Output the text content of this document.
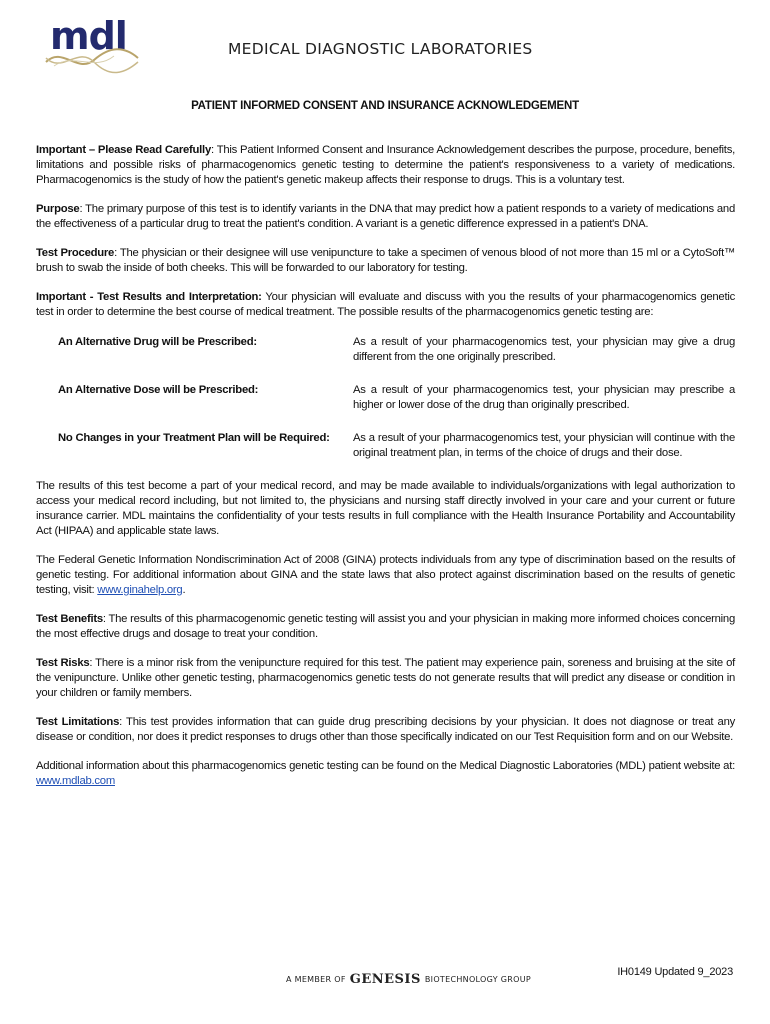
mdl	MEDICAL DIAGNOSTIC LABORATORIES
PATIENT INFORMED CONSENT AND INSURANCE ACKNOWLEDGEMENT

Important – Please Read Carefully: This Patient Informed Consent and Insurance Acknowledgement describes the purpose, procedure, benefits, limitations and possible risks of pharmacogenomics genetic testing to determine the patient's responsiveness to a variety of medications. Pharmacogenomics is the study of how the patient's genetic makeup affects their response to drugs. This is a voluntary test.

Purpose: The primary purpose of this test is to identify variants in the DNA that may predict how a patient responds to a variety of medications and the effectiveness of a particular drug to treat the patient's condition. A variant is a genetic difference expressed in a patient's DNA.

Test Procedure: The physician or their designee will use venipuncture to take a specimen of venous blood of not more than 15 ml or a CytoSoft™ brush to swab the inside of both cheeks. This will be forwarded to our laboratory for testing.

Important - Test Results and Interpretation: Your physician will evaluate and discuss with you the results of your pharmacogenomics genetic test in order to determine the best course of medical treatment. The possible results of the pharmacogenomics genetic testing are:

An Alternative Drug will be Prescribed:	As a result of your pharmacogenomics test, your physician may give a drug different from the one originally prescribed.
An Alternative Dose will be Prescribed:	As a result of your pharmacogenomics test, your physician may prescribe a higher or lower dose of the drug than originally prescribed.
No Changes in your Treatment Plan will be Required:	As a result of your pharmacogenomics test, your physician will continue with the original treatment plan, in terms of the choice of drugs and their dose.

The results of this test become a part of your medical record, and may be made available to individuals/organizations with legal authorization to access your medical record including, but not limited to, the physicians and nursing staff directly involved in your care and your current or future insurance carrier. MDL maintains the confidentiality of your tests results in full compliance with the Health Insurance Portability and Accountability Act (HIPAA) and applicable state laws.

The Federal Genetic Information Nondiscrimination Act of 2008 (GINA) protects individuals from any type of discrimination based on the results of genetic testing. For additional information about GINA and the state laws that also protect against discrimination based on the results of genetic testing, visit: www.ginahelp.org.

Test Benefits: The results of this pharmacogenomic genetic testing will assist you and your physician in making more informed choices concerning the most effective drugs and dosage to treat your condition.

Test Risks: There is a minor risk from the venipuncture required for this test. The patient may experience pain, soreness and bruising at the site of the venipuncture. Unlike other genetic testing, pharmacogenomics genetic tests do not generate results that will predict any disease or condition in your children or family members.

Test Limitations: This test provides information that can guide drug prescribing decisions by your physician. It does not diagnose or treat any disease or condition, nor does it predict responses to drugs other than those specifically indicated on our Test Requisition form and on our Website.

Additional information about this pharmacogenomics genetic testing can be found on the Medical Diagnostic Laboratories (MDL) patient website at: www.mdlab.com

IH0149 Updated 9_2023
A MEMBER OF GENESIS BIOTECHNOLOGY GROUP
